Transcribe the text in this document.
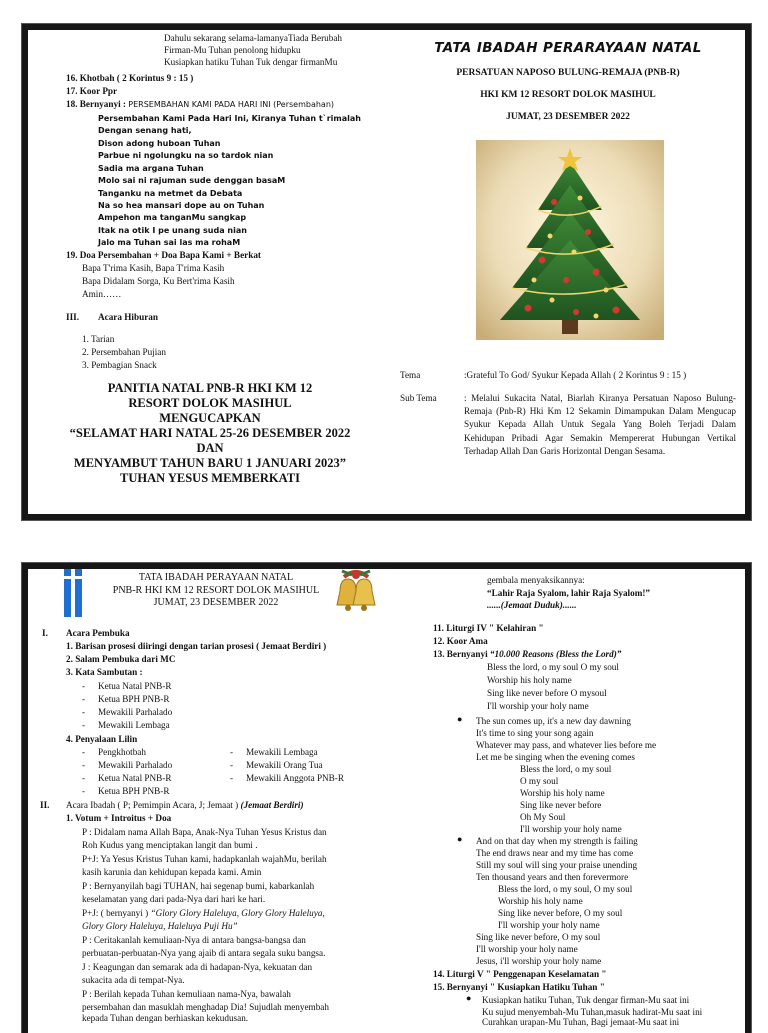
Dahulu sekarang selama-lamanyaTiada Berubah
Firman-Mu Tuhan penolong hidupku
Kusiapkan hatiku Tuhan Tuk dengar firmanMu
16. Khotbah ( 2 Korintus 9 : 15 )
17. Koor Ppr
18. Bernyanyi : PERSEMBAHAN KAMI PADA HARI INI (Persembahan)
Persembahan Kami Pada Hari Ini, Kiranya Tuhan t`rimalah
Dengan senang hati,
Dison adong huboan Tuhan
Parbue ni ngolungku na so tardok nian
Sadia ma argana Tuhan
Molo sai ni rajuman sude denggan basaM
Tanganku na metmet da Debata
Na so hea mansari dope au on Tuhan
Ampehon ma tanganMu sangkap
Itak na otik I pe unang suda nian
Jalo ma Tuhan sai las ma rohaM
19. Doa Persembahan + Doa Bapa Kami + Berkat
Bapa T'rima Kasih, Bapa T'rima Kasih
Bapa Didalam Sorga, Ku Bert'rima Kasih
Amin……
III. Acara Hiburan
1. Tarian
2. Persembahan Pujian
3. Pembagian Snack
PANITIA NATAL PNB-R HKI KM 12
RESORT DOLOK MASIHUL
MENGUCAPKAN
“SELAMAT HARI NATAL 25-26 DESEMBER 2022
DAN
MENYAMBUT TAHUN BARU 1 JANUARI 2023”
TUHAN YESUS MEMBERKATI
TATA IBADAH PERARAYAAN NATAL
PERSATUAN NAPOSO BULUNG-REMAJA (PNB-R)
HKI KM 12 RESORT DOLOK MASIHUL
JUMAT, 23 DESEMBER 2022
Tema	:Grateful To God/ Syukur Kepada Allah ( 2 Korintus 9 : 15 )
Sub Tema	: Melalui Sukacita Natal, Biarlah Kiranya Persatuan Naposo Bulung-Remaja (Pnb-R) Hki Km 12 Sekamin Dimampukan Dalam Mengucap Syukur Kepada Allah Untuk Segala Yang Boleh Terjadi Dalam Kehidupan Pribadi Agar Semakin Mempererat Hubungan Vertikal Terhadap Allah Dan Garis Horizontal Dengan Sesama.
TATA IBADAH PERAYAAN NATAL
PNB-R HKI KM 12 RESORT DOLOK MASIHUL
JUMAT, 23 DESEMBER 2022
I. Acara Pembuka
1. Barisan prosesi diiringi dengan tarian prosesi ( Jemaat Berdiri )
2. Salam Pembuka dari MC
3. Kata Sambutan :
- Ketua Natal PNB-R
- Ketua BPH PNB-R
- Mewakili Parhalado
- Mewakili Lembaga
4. Penyalaan Lilin
- Pengkhotbah
- Mewakili Parhalado
- Ketua Natal PNB-R
- Ketua BPH PNB-R
- Mewakili Lembaga
- Mewakili Orang Tua
- Mewakili Anggota PNB-R
II. Acara Ibadah ( P; Pemimpin Acara, J; Jemaat ) (Jemaat Berdiri)
1. Votum + Introitus + Doa
P : Didalam nama Allah Bapa, Anak-Nya Tuhan Yesus Kristus dan
Roh Kudus yang menciptakan langit dan bumi .
P+J: Ya Yesus Kristus Tuhan kami, hadapkanlah wajahMu, berilah
kasih karunia dan kehidupan kepada kami. Amin
P : Bernyanyilah bagi TUHAN, hai segenap bumi, kabarkanlah
keselamatan yang dari pada-Nya dari hari ke hari.
P+J: ( bernyanyi ) “Glory Glory Haleluya, Glory Glory Haleluya,
Glory Glory Haleluya, Haleluya Puji Hu”
P : Ceritakanlah kemuliaan-Nya di antara bangsa-bangsa dan
perbuatan-perbuatan-Nya yang ajaib di antara segala suku bangsa.
J : Keagungan dan semarak ada di hadapan-Nya, kekuatan dan
sukacita ada di tempat-Nya.
P : Berilah kepada Tuhan kemuliaan nama-Nya, bawalah
persembahan dan masuklah menghadap Dia! Sujudlah menyembah
kepada Tuhan dengan berhiaskan kekudusan.
gembala menyaksikannya:
“Lahir Raja Syalom, lahir Raja Syalom!”
......(Jemaat Duduk)......
11. Liturgi IV " Kelahiran "
12. Koor Ama
13. Bernyanyi “10.000 Reasons (Bless the Lord)”
Bless the lord, o my soul O my soul
Worship his holy name
Sing like never before O mysoul
I'll worship your holy name
● The sun comes up, it's a new day dawning
It's time to sing your song again
Whatever may pass, and whatever lies before me
Let me be singing when the evening comes
Bless the lord, o my soul
O my soul
Worship his holy name
Sing like never before
Oh My Soul
I'll worship your holy name
● And on that day when my strength is failing
The end draws near and my time has come
Still my soul will sing your praise unending
Ten thousand years and then forevermore
Bless the lord, o my soul, O my soul
Worship his holy name
Sing like never before, O my soul
I'll worship your holy name
Sing like never before, O my soul
I'll worship your holy name
Jesus, i'll worship your holy name
14. Liturgi V " Penggenapan Keselamatan "
15. Bernyanyi " Kusiapkan Hatiku Tuhan "
● Kusiapkan hatiku Tuhan, Tuk dengar firman-Mu saat ini
Ku sujud menyembah-Mu Tuhan,masuk hadirat-Mu saat ini
Curahkan urapan-Mu Tuhan, Bagi jemaat-Mu saat ini
